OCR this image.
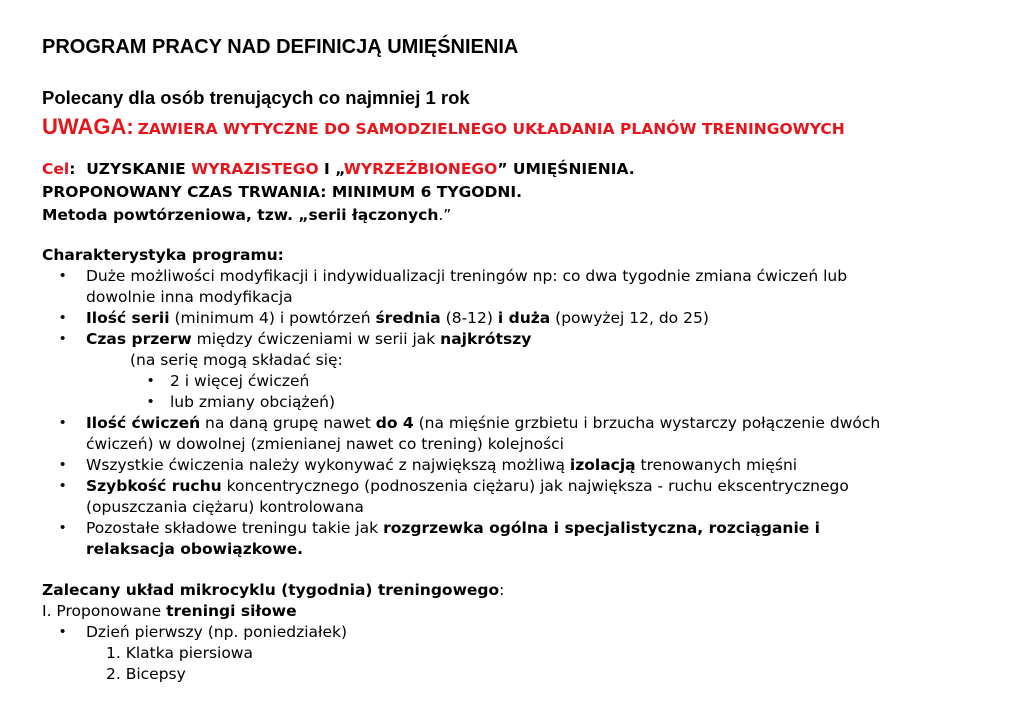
PROGRAM PRACY NAD DEFINICJĄ UMIĘŚNIENIA
Polecany dla osób trenujących co najmniej 1 rok
UWAGA: ZAWIERA WYTYCZNE DO SAMODZIELNEGO UKŁADANIA PLANÓW TRENINGOWYCH
Cel: UZYSKANIE WYRAZISTEGO I „WYRZEŹBIONEGO” UMIĘŚNIENIA.
PROPONOWANY CZAS TRWANIA: MINIMUM 6 TYGODNI.
Metoda powtórzeniowa, tzw. „serii łączonych.”
Charakterystyka programu:
• Duże możliwości modyfikacji i indywidualizacji treningów np: co dwa tygodnie zmiana ćwiczeń lub
dowolnie inna modyfikacja
• Ilość serii (minimum 4) i powtórzeń średnia (8-12) i duża (powyżej 12, do 25)
• Czas przerw między ćwiczeniami w serii jak najkrótszy
(na serię mogą składać się:
• 2 i więcej ćwiczeń
• lub zmiany obciążeń)
• Ilość ćwiczeń na daną grupę nawet do 4 (na mięśnie grzbietu i brzucha wystarczy połączenie dwóch
ćwiczeń) w dowolnej (zmienianej nawet co trening) kolejności
• Wszystkie ćwiczenia należy wykonywać z największą możliwą izolacją trenowanych mięśni
• Szybkość ruchu koncentrycznego (podnoszenia ciężaru) jak największa - ruchu ekscentrycznego
(opuszczania ciężaru) kontrolowana
• Pozostałe składowe treningu takie jak rozgrzewka ogólna i specjalistyczna, rozciąganie i
relaksacja obowiązkowe.
Zalecany układ mikrocyklu (tygodnia) treningowego:
I. Proponowane treningi siłowe
• Dzień pierwszy (np. poniedziałek)
1. Klatka piersiowa
2. Bicepsy
